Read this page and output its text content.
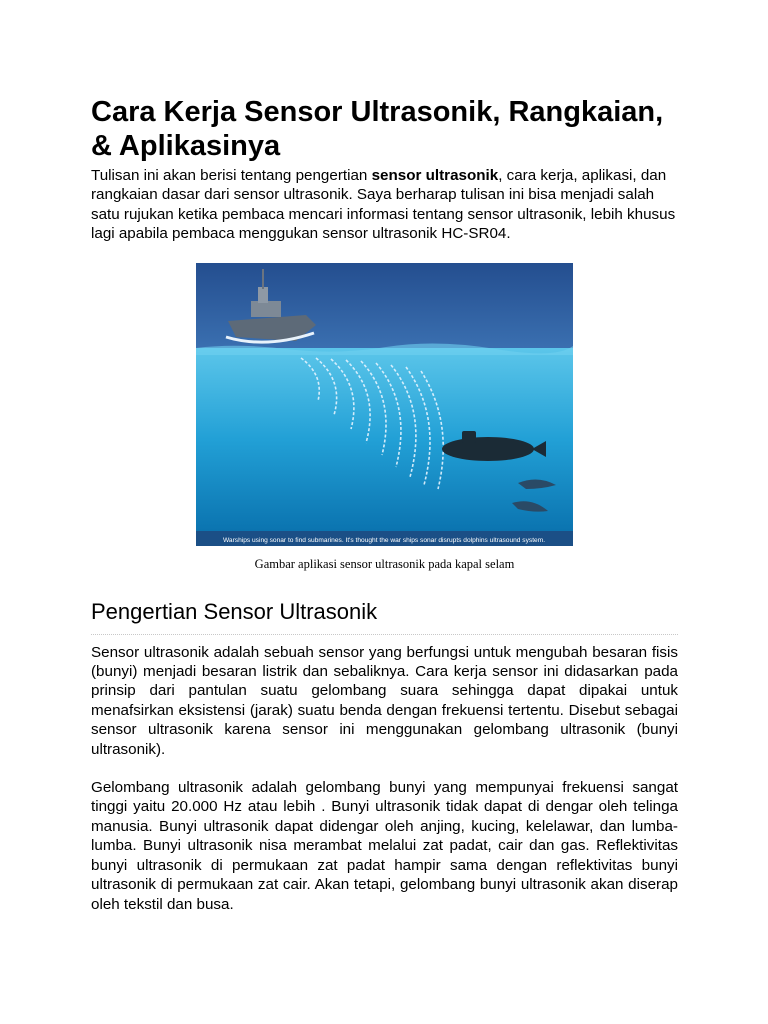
Cara Kerja Sensor Ultrasonik, Rangkaian, & Aplikasinya

Tulisan ini akan berisi tentang pengertian sensor ultrasonik, cara kerja, aplikasi, dan rangkaian dasar dari sensor ultrasonik. Saya berharap tulisan ini bisa menjadi salah satu rujukan ketika pembaca mencari informasi tentang sensor ultrasonik, lebih khusus lagi apabila pembaca menggukan sensor ultrasonik HC-SR04.

Warships using sonar to find submarines. It's thought the war ships sonar disrupts dolphins ultrasound system.
Gambar aplikasi sensor ultrasonik pada kapal selam
Pengertian Sensor Ultrasonik

Sensor ultrasonik adalah sebuah sensor yang berfungsi untuk mengubah besaran fisis (bunyi) menjadi besaran listrik dan sebaliknya. Cara kerja sensor ini didasarkan pada prinsip dari pantulan suatu gelombang suara sehingga dapat dipakai untuk menafsirkan eksistensi (jarak) suatu benda dengan frekuensi tertentu. Disebut sebagai sensor ultrasonik karena sensor ini menggunakan gelombang ultrasonik (bunyi ultrasonik).

Gelombang ultrasonik adalah gelombang bunyi yang mempunyai frekuensi sangat tinggi yaitu 20.000 Hz atau lebih . Bunyi ultrasonik tidak dapat di dengar oleh telinga manusia. Bunyi ultrasonik dapat didengar oleh anjing, kucing, kelelawar, dan lumba-lumba. Bunyi ultrasonik nisa merambat melalui zat padat, cair dan gas. Reflektivitas bunyi ultrasonik di permukaan zat padat hampir sama dengan reflektivitas bunyi ultrasonik di permukaan zat cair. Akan tetapi, gelombang bunyi ultrasonik akan diserap oleh tekstil dan busa.
